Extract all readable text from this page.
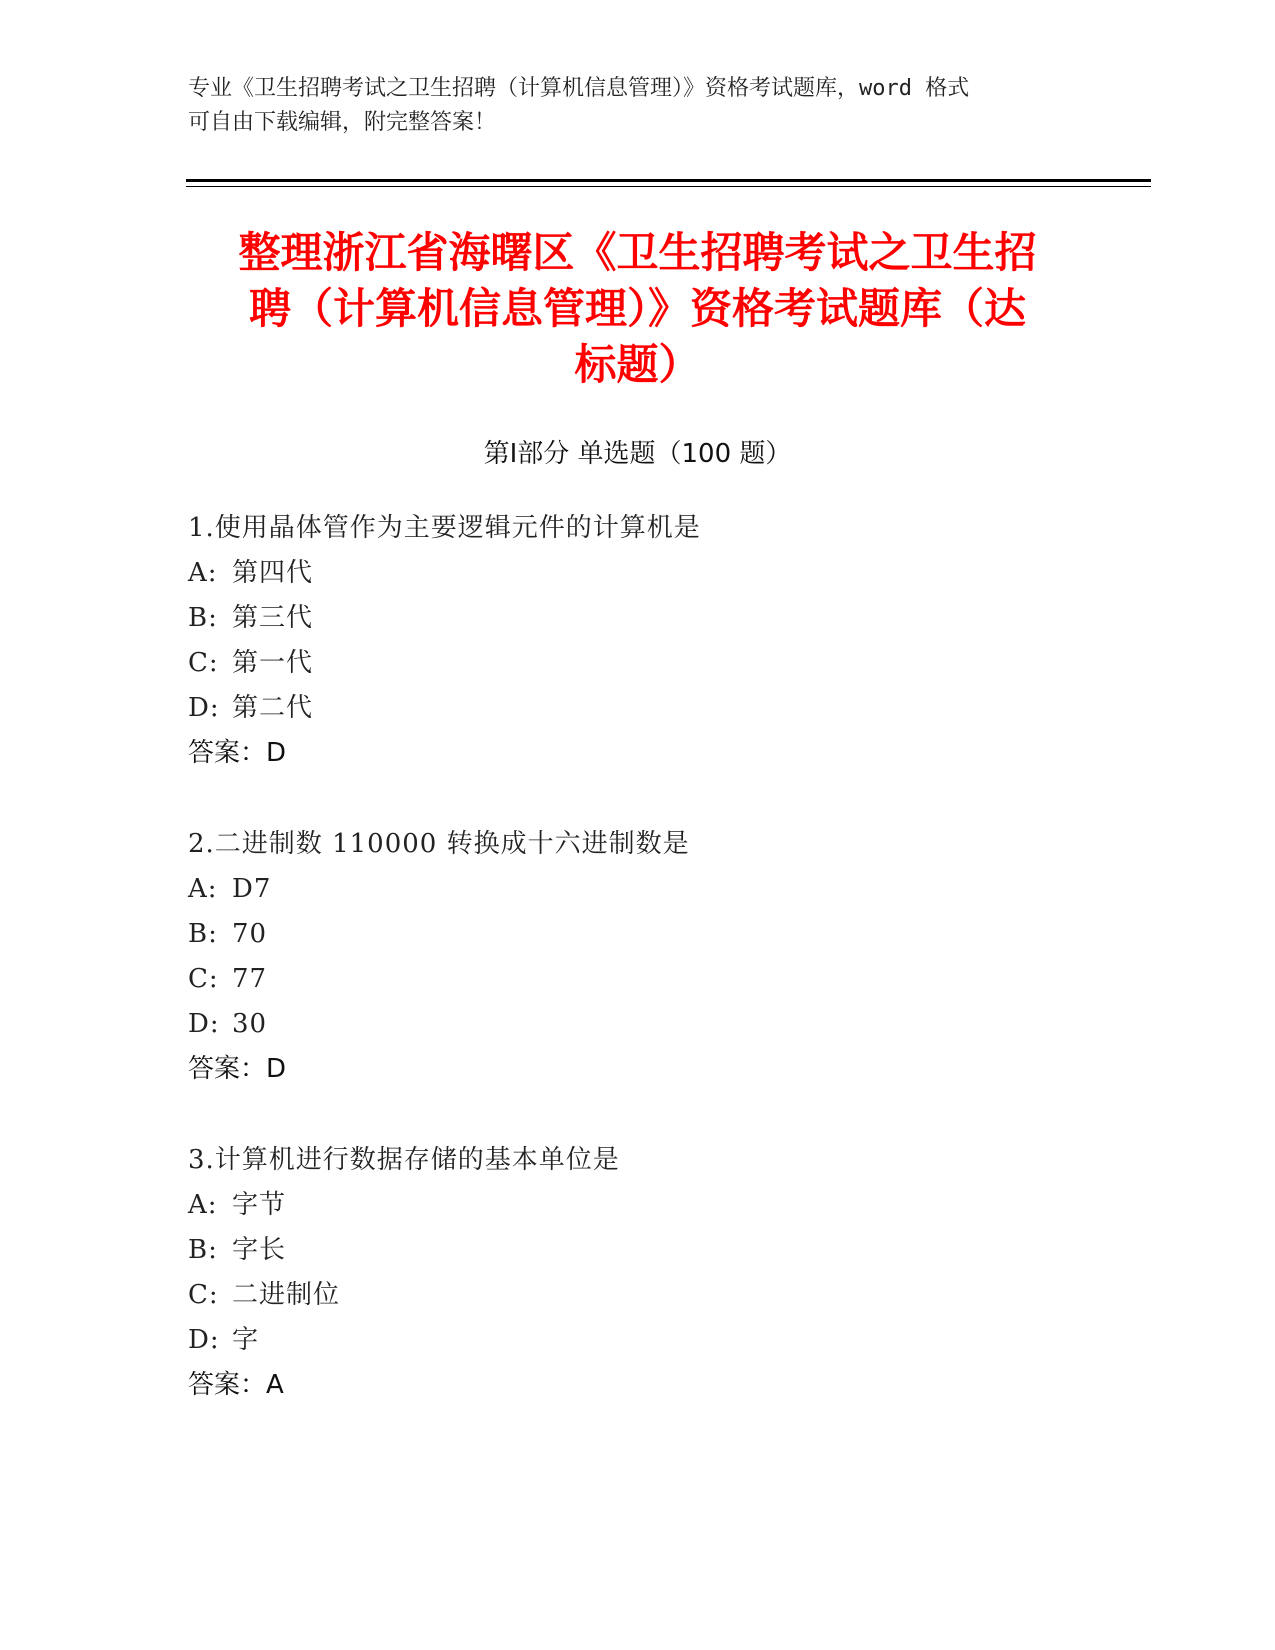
专业《卫生招聘考试之卫生招聘（计算机信息管理）》资格考试题库，word 格式
可自由下载编辑，附完整答案！
整理浙江省海曙区《卫生招聘考试之卫生招
聘（计算机信息管理）》资格考试题库（达
标题）
第Ⅰ部分 单选题（100 题）
1.使用晶体管作为主要逻辑元件的计算机是
A: 第四代
B: 第三代
C: 第一代
D: 第二代
答案：D
2.二进制数 110000 转换成十六进制数是
A: D7
B: 70
C: 77
D: 30
答案：D
3.计算机进行数据存储的基本单位是
A: 字节
B: 字长
C: 二进制位
D: 字
答案：A
